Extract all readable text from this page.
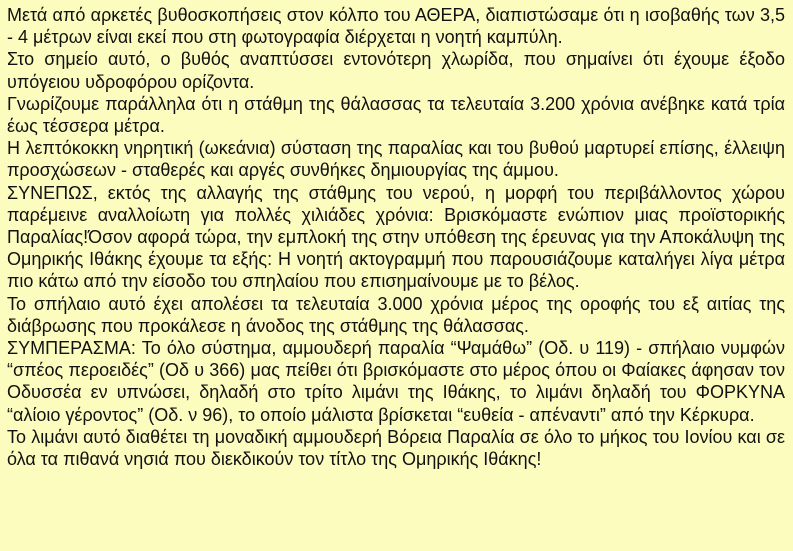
Μετά από αρκετές βυθοσκοπήσεις στον κόλπο του ΑΘΕΡΑ, διαπιστώσαμε ότι η ισοβαθής των 3,5 - 4 μέτρων είναι εκεί που στη φωτογραφία διέρχεται η νοητή καμπύλη.

Στο σημείο αυτό, ο βυθός αναπτύσσει εντονότερη χλωρίδα, που σημαίνει ότι έχουμε έξοδο υπόγειου υδροφόρου ορίζοντα.

Γνωρίζουμε παράλληλα ότι η στάθμη της θάλασσας τα τελευταία 3.200 χρόνια ανέβηκε κατά τρία έως τέσσερα μέτρα.

Η λεπτόκοκκη νηρητική (ωκεάνια) σύσταση της παραλίας και του βυθού μαρτυρεί επίσης, έλλειψη προσχώσεων - σταθερές και αργές συνθήκες δημιουργίας της άμμου.

ΣΥΝΕΠΩΣ, εκτός της αλλαγής της στάθμης του νερού, η μορφή του περιβάλλοντος χώρου παρέμεινε αναλλοίωτη για πολλές χιλιάδες χρόνια: Βρισκόμαστε ενώπιον μιας προϊστορικής Παραλίας!Όσον αφορά τώρα, την εμπλοκή της στην υπόθεση της έρευνας για την Αποκάλυψη της Ομηρικής Ιθάκης έχουμε τα εξής: Η νοητή ακτογραμμή που παρουσιάζουμε καταλήγει λίγα μέτρα πιο κάτω από την είσοδο του σπηλαίου που επισημαίνουμε με το βέλος.

Το σπήλαιο αυτό έχει απολέσει τα τελευταία 3.000 χρόνια μέρος της οροφής του εξ αιτίας της διάβρωσης που προκάλεσε η άνοδος της στάθμης της θάλασσας.

ΣΥΜΠΕΡΑΣΜΑ: Το όλο σύστημα, αμμουδερή παραλία “Ψαμάθω” (Οδ. υ 119) - σπήλαιο νυμφών “σπέος περοειδές” (Οδ υ 366) μας πείθει ότι βρισκόμαστε στο μέρος όπου οι Φαίακες άφησαν τον Οδυσσέα εν υπνώσει, δηλαδή στο τρίτο λιμάνι της Ιθάκης, το λιμάνι δηλαδή του ΦΟΡΚΥΝΑ “αλίοιο γέροντος” (Οδ. ν 96), το οποίο μάλιστα βρίσκεται “ευθεία - απέναντι” από την Κέρκυρα.

Το λιμάνι αυτό διαθέτει τη μοναδική αμμουδερή Βόρεια Παραλία σε όλο το μήκος του Ιονίου και σε όλα τα πιθανά νησιά που διεκδικούν τον τίτλο της Ομηρικής Ιθάκης!
